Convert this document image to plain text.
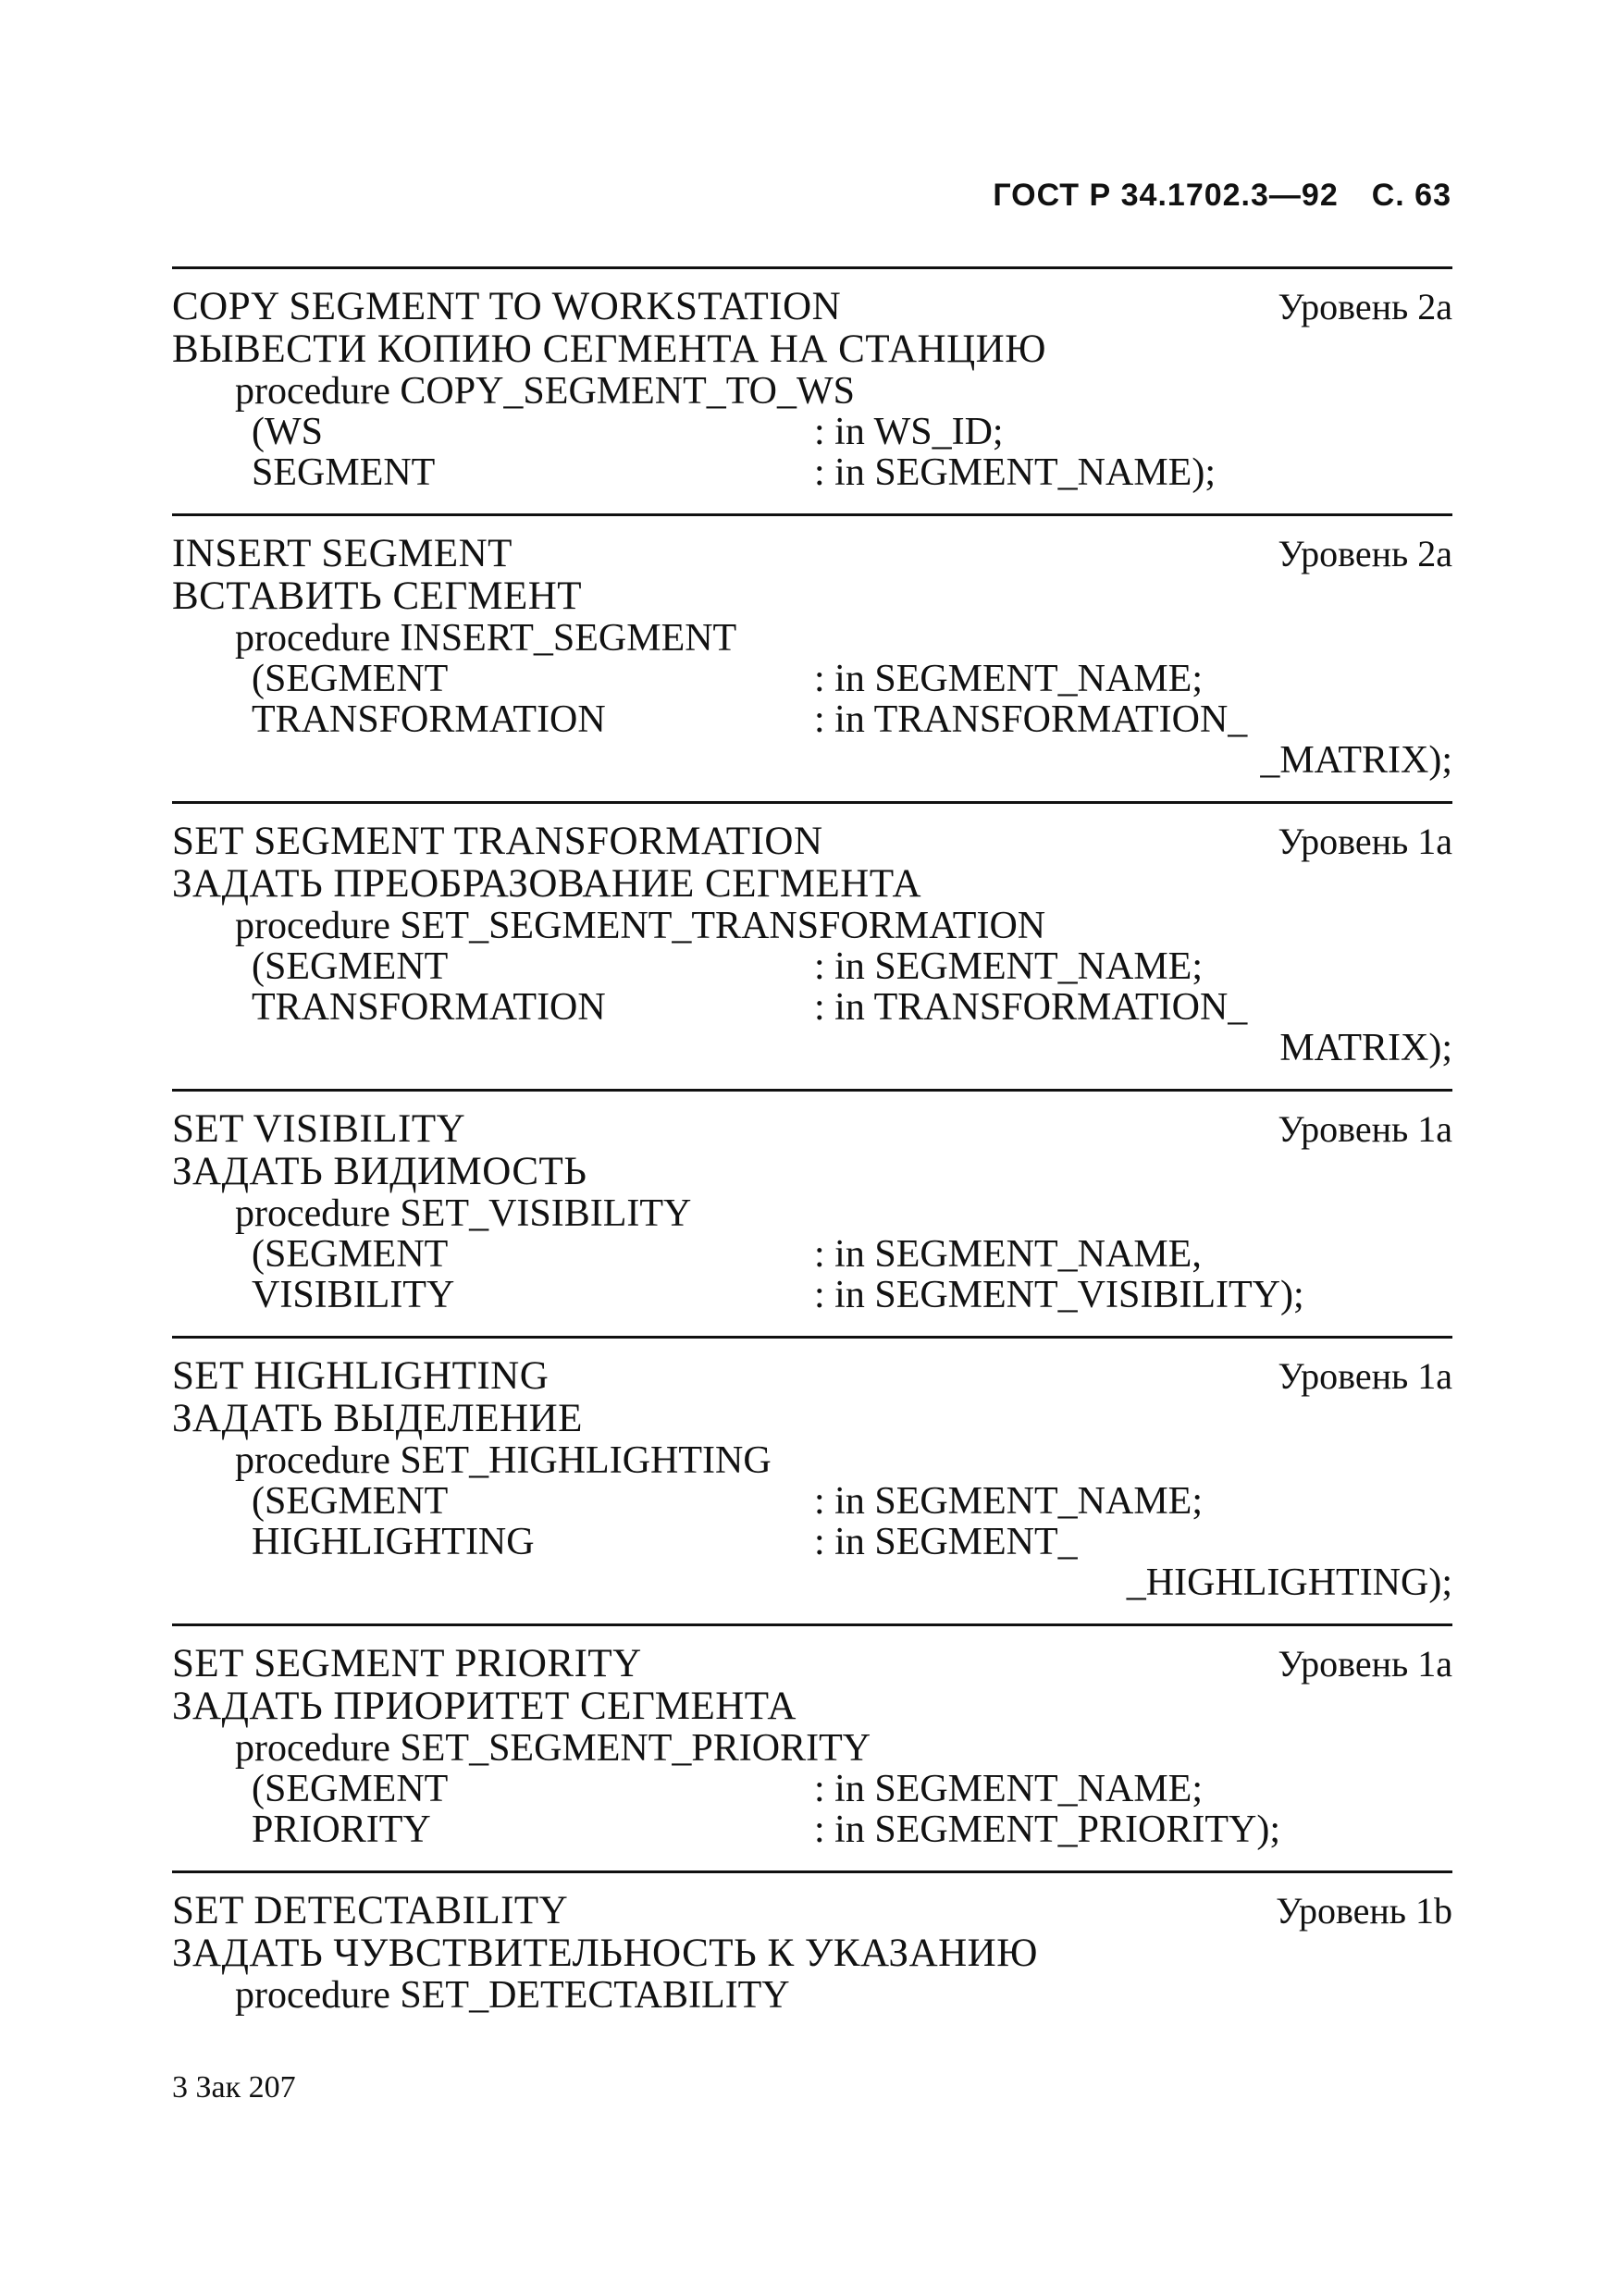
ГОСТ Р 34.1702.3—92 С. 63
COPY SEGMENT TO WORKSTATION	Уровень 2a
ВЫВЕСТИ КОПИЮ СЕГМЕНТА НА СТАНЦИЮ
procedure COPY_SEGMENT_TO_WS
(WS	: in WS_ID;
SEGMENT	: in SEGMENT_NAME);
INSERT SEGMENT	Уровень 2a
ВСТАВИТЬ СЕГМЕНТ
procedure INSERT_SEGMENT
(SEGMENT	: in SEGMENT_NAME;
TRANSFORMATION	: in TRANSFORMATION_
_MATRIX);
SET SEGMENT TRANSFORMATION	Уровень 1a
ЗАДАТЬ ПРЕОБРАЗОВАНИЕ СЕГМЕНТА
procedure SET_SEGMENT_TRANSFORMATION
(SEGMENT	: in SEGMENT_NAME;
TRANSFORMATION	: in TRANSFORMATION_
MATRIX);
SET VISIBILITY	Уровень 1a
ЗАДАТЬ ВИДИМОСТЬ
procedure SET_VISIBILITY
(SEGMENT	: in SEGMENT_NAME,
VISIBILITY	: in SEGMENT_VISIBILITY);
SET HIGHLIGHTING	Уровень 1a
ЗАДАТЬ ВЫДЕЛЕНИЕ
procedure SET_HIGHLIGHTING
(SEGMENT	: in SEGMENT_NAME;
HIGHLIGHTING	: in SEGMENT_
_HIGHLIGHTING);
SET SEGMENT PRIORITY	Уровень 1a
ЗАДАТЬ ПРИОРИТЕТ СЕГМЕНТА
procedure SET_SEGMENT_PRIORITY
(SEGMENT	: in SEGMENT_NAME;
PRIORITY	: in SEGMENT_PRIORITY);
SET DETECTABILITY	Уровень 1b
ЗАДАТЬ ЧУВСТВИТЕЛЬНОСТЬ К УКАЗАНИЮ
procedure SET_DETECTABILITY
3 Зак 207
